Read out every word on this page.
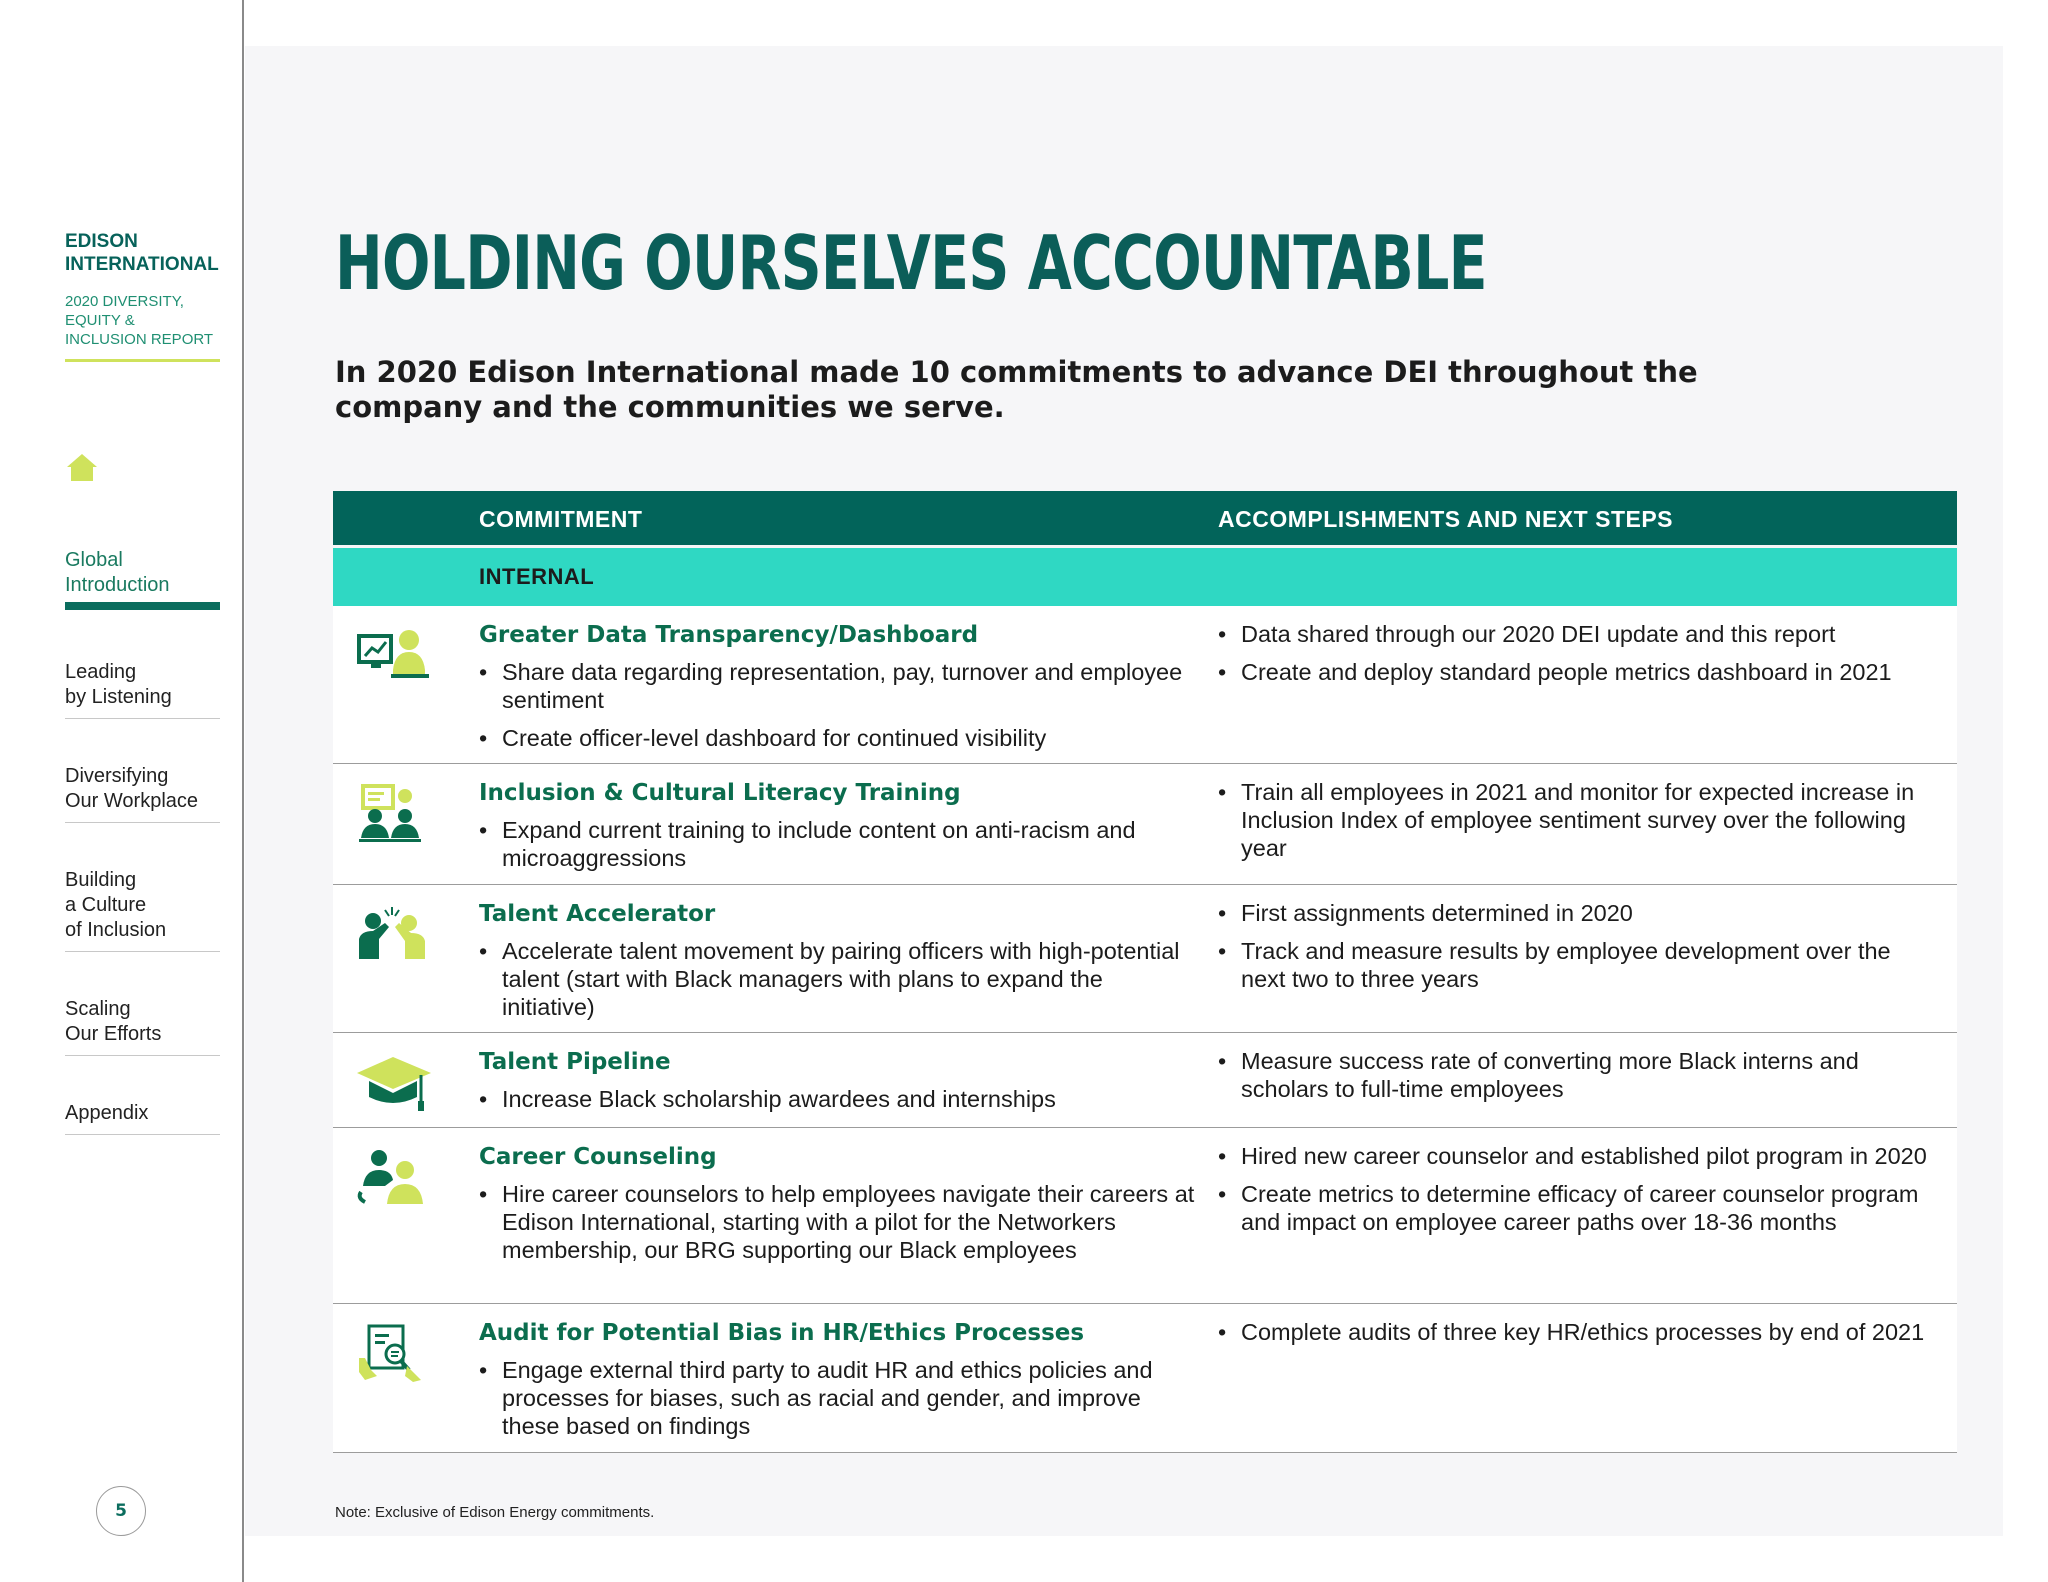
EDISON INTERNATIONAL
2020 DIVERSITY, EQUITY & INCLUSION REPORT
Global
Introduction
Leading
by Listening
Diversifying
Our Workplace
Building
a Culture
of Inclusion
Scaling
Our Efforts
Appendix
5
HOLDING OURSELVES ACCOUNTABLE

In 2020 Edison International made 10 commitments to advance DEI throughout the company and the communities we serve.

COMMITMENT	ACCOMPLISHMENTS AND NEXT STEPS
INTERNAL
Greater Data Transparency/Dashboard
• Share data regarding representation, pay, turnover and employee sentiment
• Create officer-level dashboard for continued visibility
• Data shared through our 2020 DEI update and this report
• Create and deploy standard people metrics dashboard in 2021
Inclusion & Cultural Literacy Training
• Expand current training to include content on anti-racism and microaggressions
• Train all employees in 2021 and monitor for expected increase in Inclusion Index of employee sentiment survey over the following year
Talent Accelerator
• Accelerate talent movement by pairing officers with high-potential talent (start with Black managers with plans to expand the initiative)
• First assignments determined in 2020
• Track and measure results by employee development over the next two to three years
Talent Pipeline
• Increase Black scholarship awardees and internships
• Measure success rate of converting more Black interns and scholars to full-time employees
Career Counseling
• Hire career counselors to help employees navigate their careers at Edison International, starting with a pilot for the Networkers membership, our BRG supporting our Black employees
• Hired new career counselor and established pilot program in 2020
• Create metrics to determine efficacy of career counselor program and impact on employee career paths over 18-36 months
Audit for Potential Bias in HR/Ethics Processes
• Engage external third party to audit HR and ethics policies and processes for biases, such as racial and gender, and improve these based on findings
• Complete audits of three key HR/ethics processes by end of 2021
Note: Exclusive of Edison Energy commitments.
